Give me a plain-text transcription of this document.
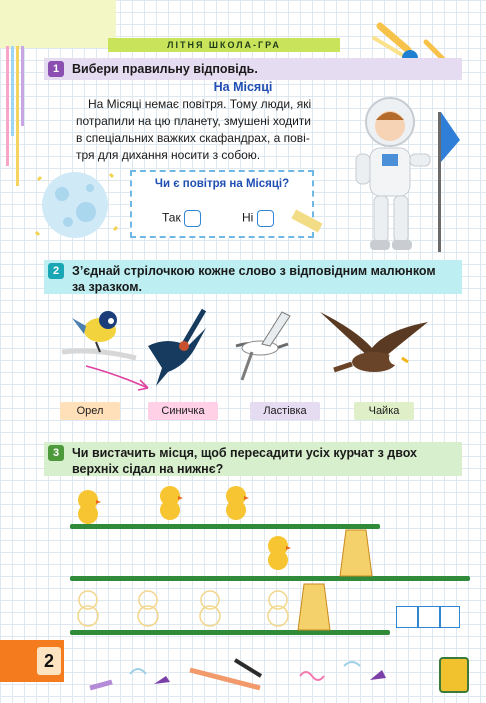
ЛІТНЯ ШКОЛА-ГРА
1	Вибери правильну відповідь.
На Місяці
На Місяці немає повітря. Тому люди, які
потрапили на цю планету, змушені ходити
в спеціальних важких скафандрах, а пові-
тря для дихання носити з собою.
Чи є повітря на Місяці?
Так	Ні
2	З’єднай стрілочкою кожне слово з відповідним малюнком
за зразком.
Орел	Синичка	Ластівка	Чайка
3	Чи вистачить місця, щоб пересадити усіх курчат з двох
верхніх сідал на нижнє?
2
